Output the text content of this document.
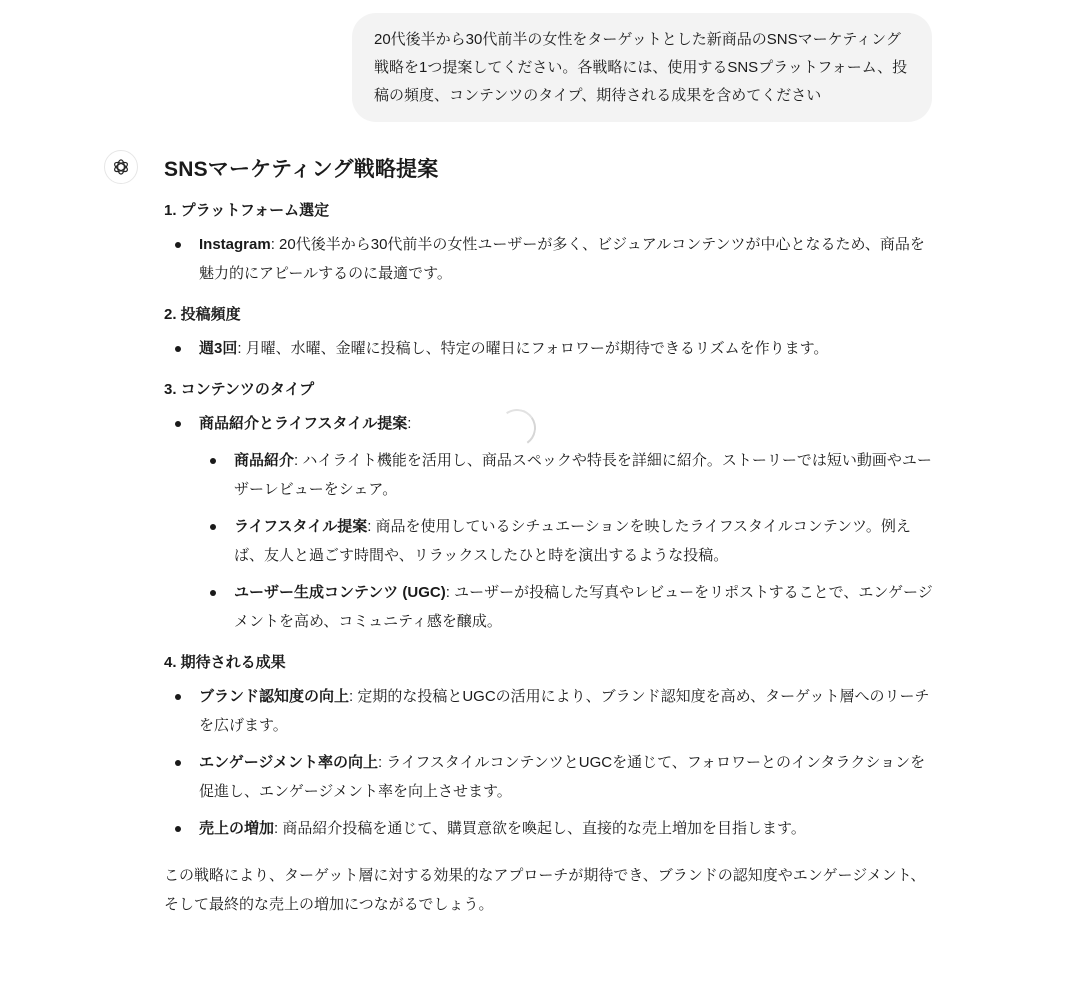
20代後半から30代前半の女性をターゲットとした新商品のSNSマーケティング戦略を1つ提案してください。各戦略には、使用するSNSプラットフォーム、投稿の頻度、コンテンツのタイプ、期待される成果を含めてください
SNSマーケティング戦略提案
1. プラットフォーム選定
Instagram: 20代後半から30代前半の女性ユーザーが多く、ビジュアルコンテンツが中心となるため、商品を魅力的にアピールするのに最適です。
2. 投稿頻度
週3回: 月曜、水曜、金曜に投稿し、特定の曜日にフォロワーが期待できるリズムを作ります。
3. コンテンツのタイプ
商品紹介とライフスタイル提案:
商品紹介: ハイライト機能を活用し、商品スペックや特長を詳細に紹介。ストーリーでは短い動画やユーザーレビューをシェア。
ライフスタイル提案: 商品を使用しているシチュエーションを映したライフスタイルコンテンツ。例えば、友人と過ごす時間や、リラックスしたひと時を演出するような投稿。
ユーザー生成コンテンツ (UGC): ユーザーが投稿した写真やレビューをリポストすることで、エンゲージメントを高め、コミュニティ感を醸成。
4. 期待される成果
ブランド認知度の向上: 定期的な投稿とUGCの活用により、ブランド認知度を高め、ターゲット層へのリーチを広げます。
エンゲージメント率の向上: ライフスタイルコンテンツとUGCを通じて、フォロワーとのインタラクションを促進し、エンゲージメント率を向上させます。
売上の増加: 商品紹介投稿を通じて、購買意欲を喚起し、直接的な売上増加を目指します。

この戦略により、ターゲット層に対する効果的なアプローチが期待でき、ブランドの認知度やエンゲージメント、そして最終的な売上の増加につながるでしょう。
